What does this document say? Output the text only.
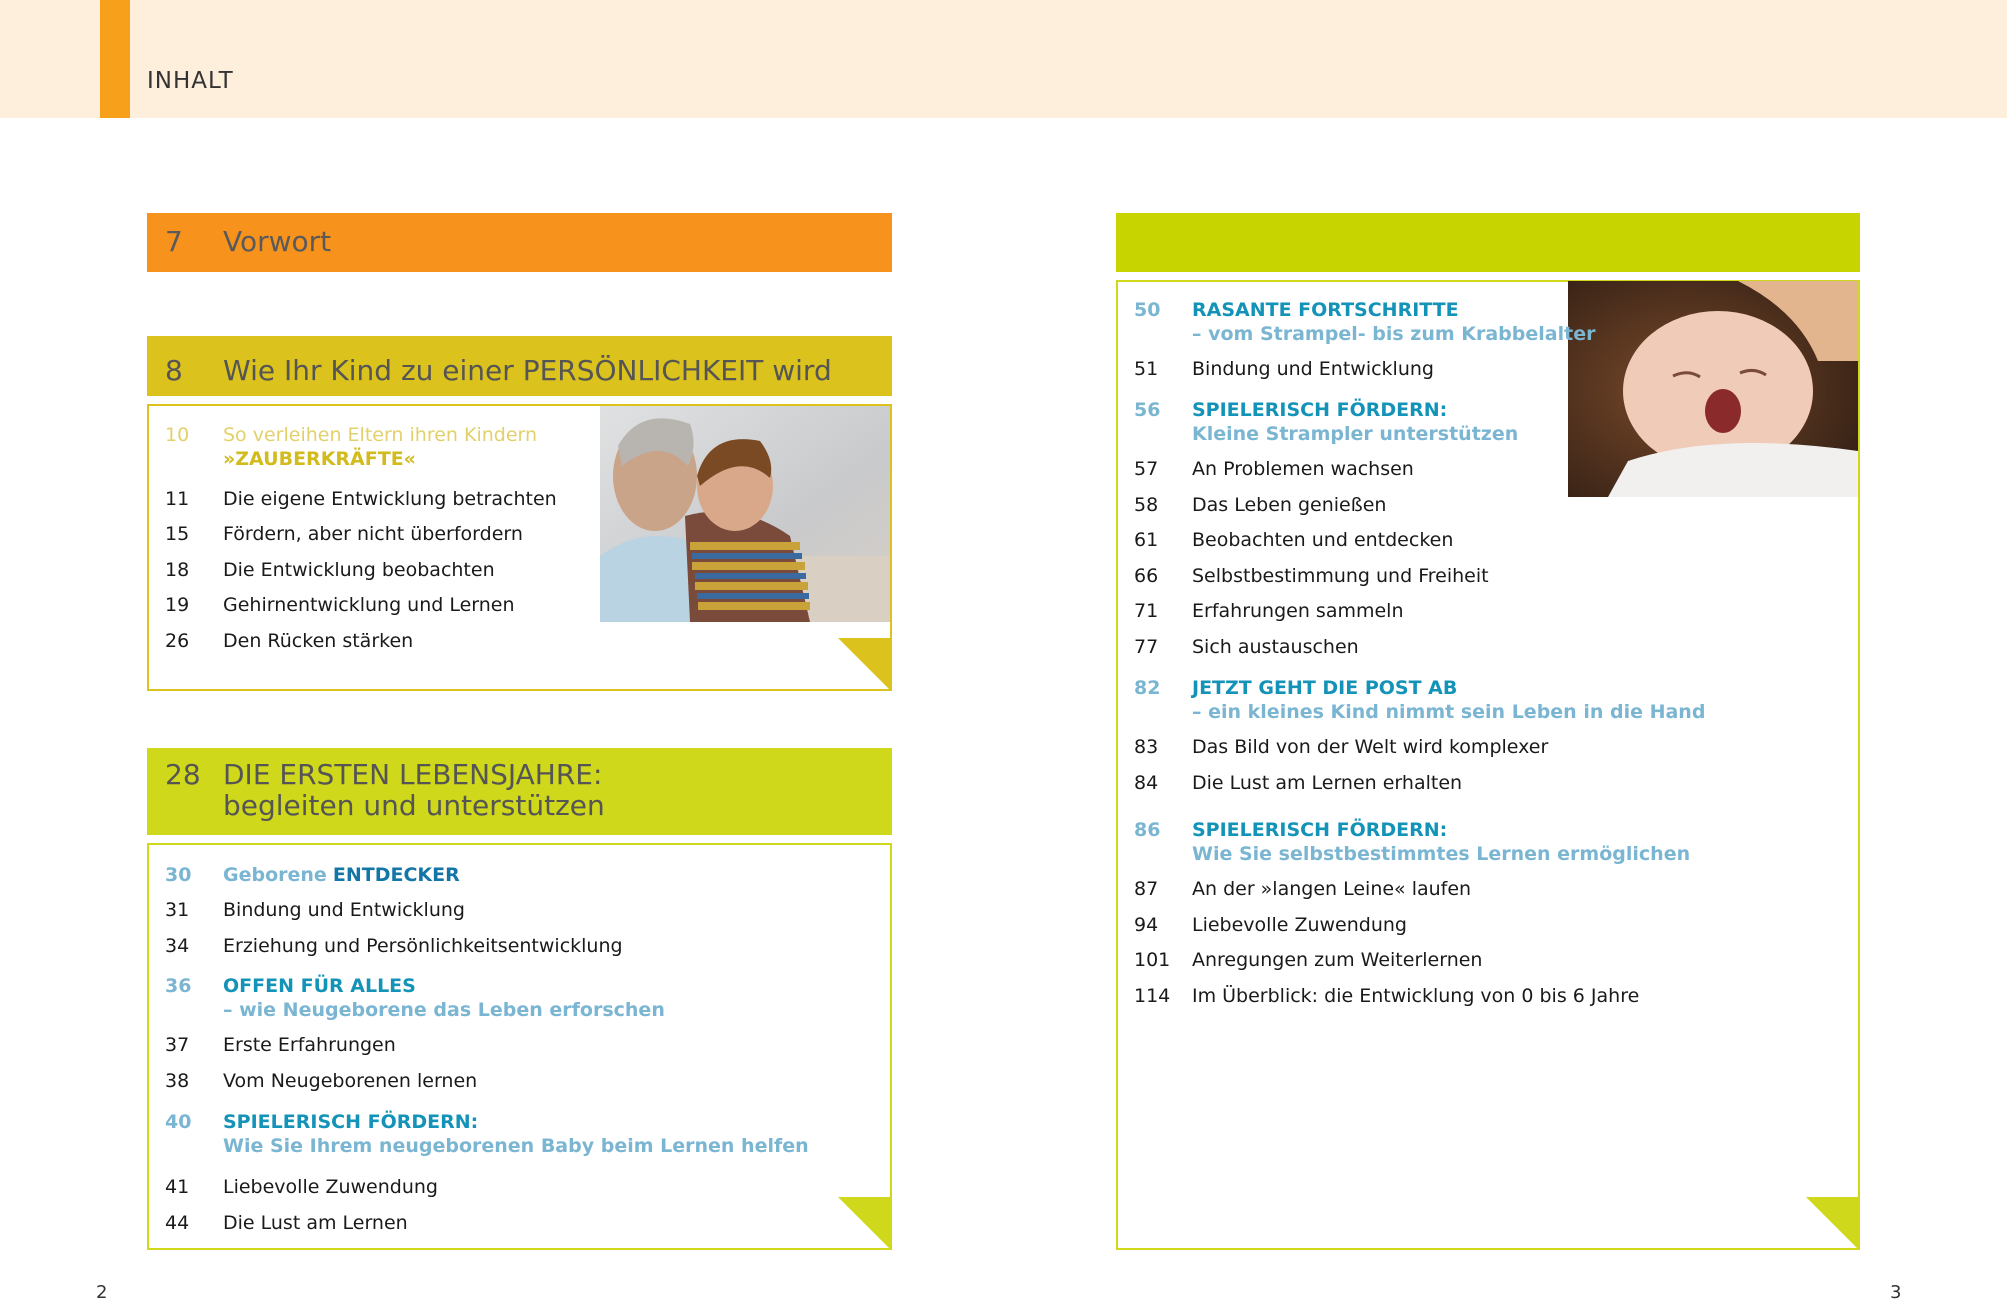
INHALT
7 Vorwort
8 Wie Ihr Kind zu einer PERSÖNLICHKEIT wird
10 So verleihen Eltern ihren Kindern
»ZAUBERKRÄFTE«
11 Die eigene Entwicklung betrachten
15 Fördern, aber nicht überfordern
18 Die Entwicklung beobachten
19 Gehirnentwicklung und Lernen
26 Den Rücken stärken
28 DIE ERSTEN LEBENSJAHRE:
begleiten und unterstützen
30 Geborene ENTDECKER
31 Bindung und Entwicklung
34 Erziehung und Persönlichkeitsentwicklung
36 OFFEN FÜR ALLES
– wie Neugeborene das Leben erforschen
37 Erste Erfahrungen
38 Vom Neugeborenen lernen
40 SPIELERISCH FÖRDERN:
Wie Sie Ihrem neugeborenen Baby beim Lernen helfen
41 Liebevolle Zuwendung
44 Die Lust am Lernen
50 RASANTE FORTSCHRITTE
– vom Strampel- bis zum Krabbelalter
51 Bindung und Entwicklung
56 SPIELERISCH FÖRDERN:
Kleine Strampler unterstützen
57 An Problemen wachsen
58 Das Leben genießen
61 Beobachten und entdecken
66 Selbstbestimmung und Freiheit
71 Erfahrungen sammeln
77 Sich austauschen
82 JETZT GEHT DIE POST AB
– ein kleines Kind nimmt sein Leben in die Hand
83 Das Bild von der Welt wird komplexer
84 Die Lust am Lernen erhalten
86 SPIELERISCH FÖRDERN:
Wie Sie selbstbestimmtes Lernen ermöglichen
87 An der »langen Leine« laufen
94 Liebevolle Zuwendung
101 Anregungen zum Weiterlernen
114 Im Überblick: die Entwicklung von 0 bis 6 Jahre
2	3
